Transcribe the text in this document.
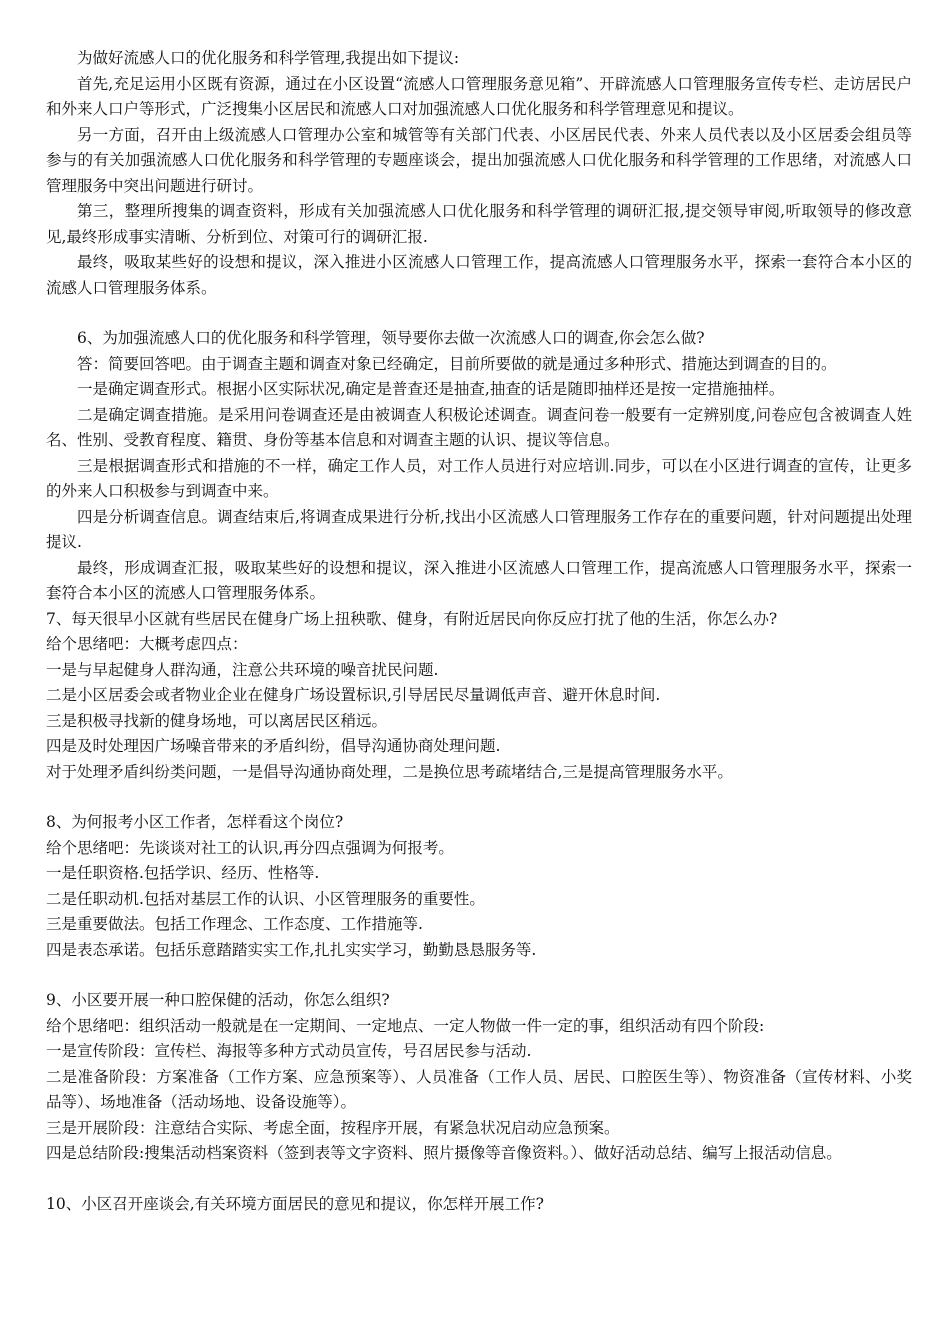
为做好流感人口的优化服务和科学管理,我提出如下提议:

首先,充足运用小区既有资源，通过在小区设置“流感人口管理服务意见箱”、开辟流感人口管理服务宣传专栏、走访居民户和外来人口户等形式，广泛搜集小区居民和流感人口对加强流感人口优化服务和科学管理意见和提议。

另一方面，召开由上级流感人口管理办公室和城管等有关部门代表、小区居民代表、外来人员代表以及小区居委会组员等参与的有关加强流感人口优化服务和科学管理的专题座谈会，提出加强流感人口优化服务和科学管理的工作思绪，对流感人口管理服务中突出问题进行研讨。

第三，整理所搜集的调查资料，形成有关加强流感人口优化服务和科学管理的调研汇报,提交领导审阅,听取领导的修改意见,最终形成事实清晰、分析到位、对策可行的调研汇报.

最终，吸取某些好的设想和提议，深入推进小区流感人口管理工作，提高流感人口管理服务水平，探索一套符合本小区的流感人口管理服务体系。

6、为加强流感人口的优化服务和科学管理，领导要你去做一次流感人口的调查,你会怎么做?

答：简要回答吧。由于调查主题和调查对象已经确定，目前所要做的就是通过多种形式、措施达到调查的目的。

一是确定调查形式。根据小区实际状况,确定是普查还是抽查,抽查的话是随即抽样还是按一定措施抽样。

二是确定调查措施。是采用问卷调查还是由被调查人积极论述调查。调查问卷一般要有一定辨别度,问卷应包含被调查人姓名、性别、受教育程度、籍贯、身份等基本信息和对调查主题的认识、提议等信息。

三是根据调查形式和措施的不一样，确定工作人员，对工作人员进行对应培训.同步，可以在小区进行调查的宣传，让更多的外来人口积极参与到调查中来。

四是分析调查信息。调查结束后,将调查成果进行分析,找出小区流感人口管理服务工作存在的重要问题，针对问题提出处理提议.

最终，形成调查汇报，吸取某些好的设想和提议，深入推进小区流感人口管理工作，提高流感人口管理服务水平，探索一套符合本小区的流感人口管理服务体系。

7、每天很早小区就有些居民在健身广场上扭秧歌、健身，有附近居民向你反应打扰了他的生活，你怎么办?

给个思绪吧：大概考虑四点：

一是与早起健身人群沟通，注意公共环境的噪音扰民问题.

二是小区居委会或者物业企业在健身广场设置标识,引导居民尽量调低声音、避开休息时间.

三是积极寻找新的健身场地，可以离居民区稍远。

四是及时处理因广场噪音带来的矛盾纠纷，倡导沟通协商处理问题.

对于处理矛盾纠纷类问题，一是倡导沟通协商处理，二是换位思考疏堵结合,三是提高管理服务水平。

8、为何报考小区工作者，怎样看这个岗位?

给个思绪吧：先谈谈对社工的认识,再分四点强调为何报考。

一是任职资格.包括学识、经历、性格等.

二是任职动机.包括对基层工作的认识、小区管理服务的重要性。

三是重要做法。包括工作理念、工作态度、工作措施等.

四是表态承诺。包括乐意踏踏实实工作,扎扎实实学习，勤勤恳恳服务等.

9、小区要开展一种口腔保健的活动，你怎么组织?

给个思绪吧：组织活动一般就是在一定期间、一定地点、一定人物做一件一定的事，组织活动有四个阶段:

一是宣传阶段：宣传栏、海报等多种方式动员宣传，号召居民参与活动.

二是准备阶段：方案准备（工作方案、应急预案等）、人员准备（工作人员、居民、口腔医生等）、物资准备（宣传材料、小奖品等）、场地准备（活动场地、设备设施等）。

三是开展阶段：注意结合实际、考虑全面，按程序开展，有紧急状况启动应急预案。

四是总结阶段:搜集活动档案资料（签到表等文字资料、照片摄像等音像资料。）、做好活动总结、编写上报活动信息。

10、小区召开座谈会,有关环境方面居民的意见和提议，你怎样开展工作?
